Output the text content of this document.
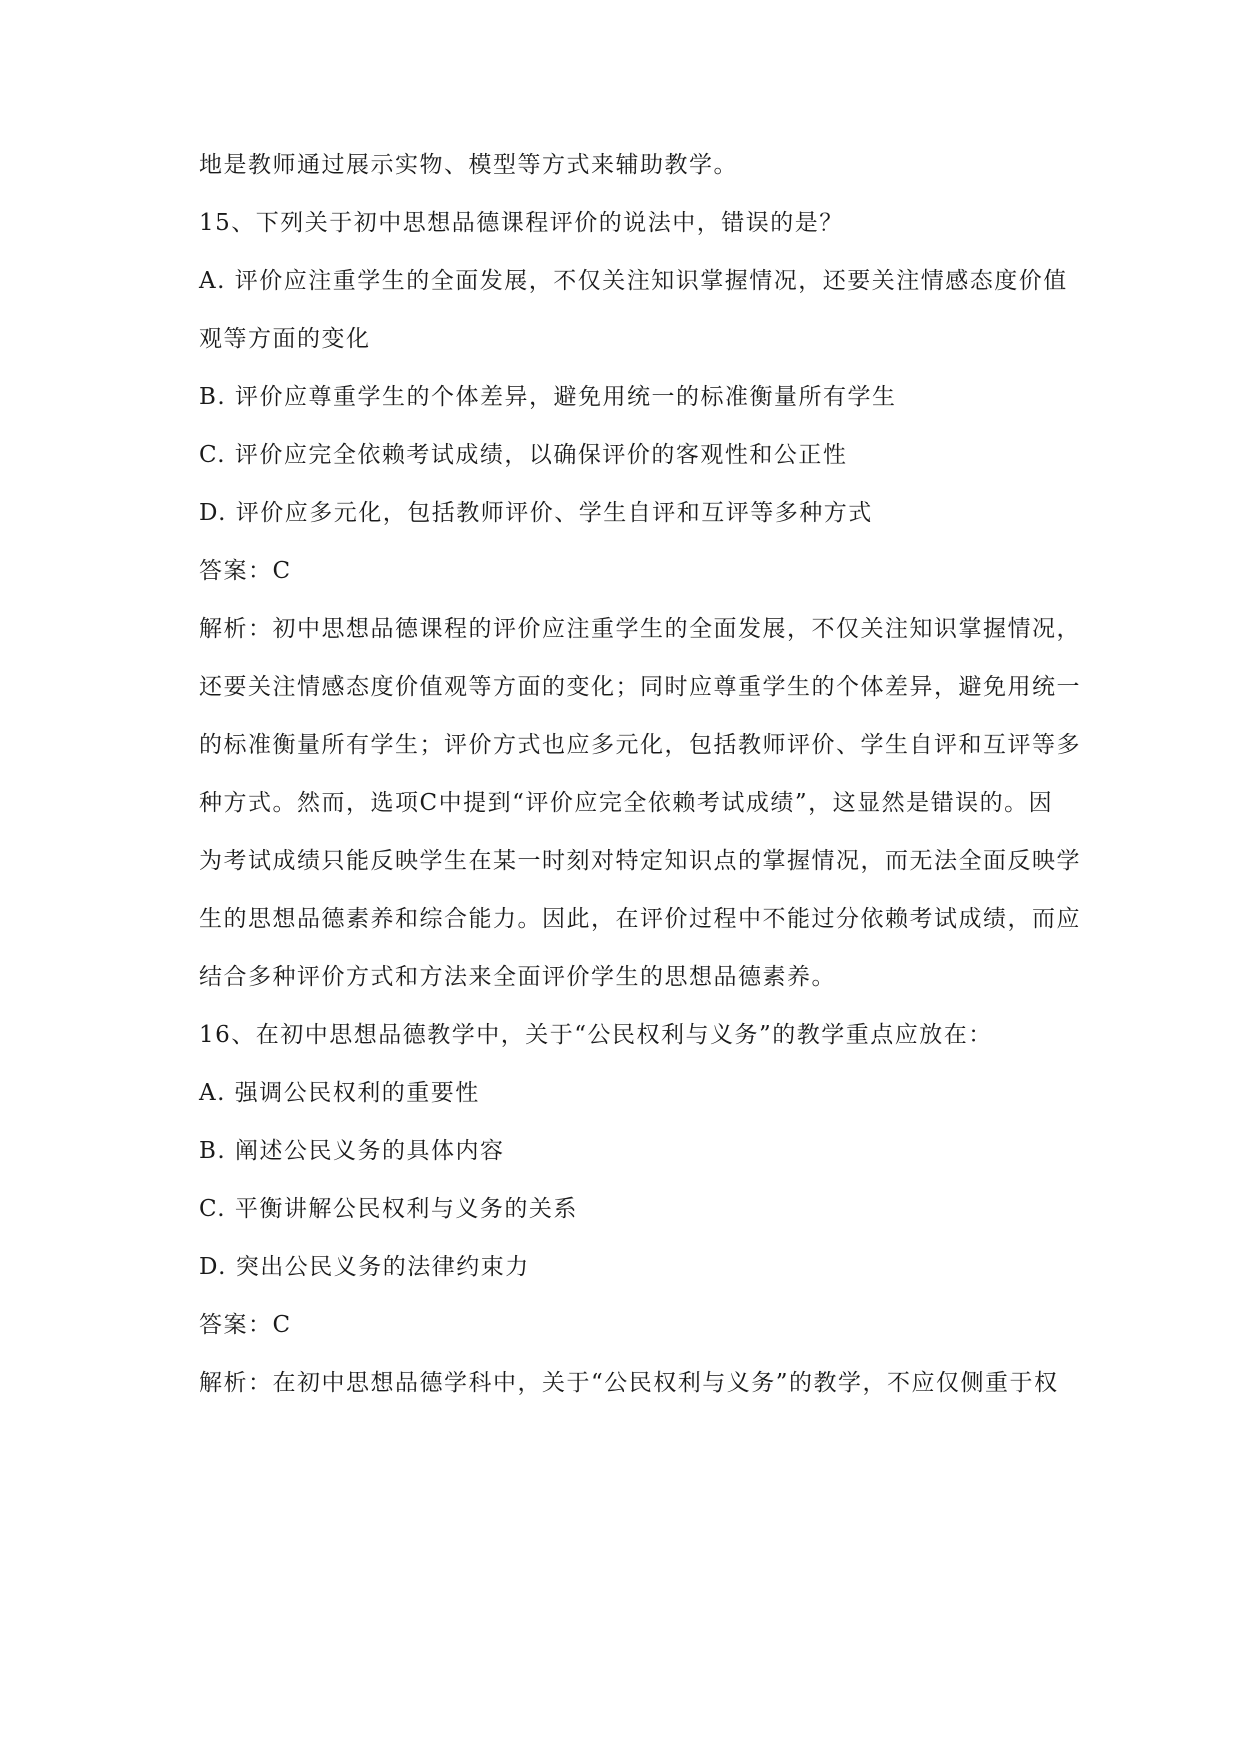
地是教师通过展示实物、模型等方式来辅助教学。
15、下列关于初中思想品德课程评价的说法中，错误的是？
A. 评价应注重学生的全面发展，不仅关注知识掌握情况，还要关注情感态度价值
观等方面的变化
B. 评价应尊重学生的个体差异，避免用统一的标准衡量所有学生
C. 评价应完全依赖考试成绩，以确保评价的客观性和公正性
D. 评价应多元化，包括教师评价、学生自评和互评等多种方式
答案：C
解析：初中思想品德课程的评价应注重学生的全面发展，不仅关注知识掌握情况，
还要关注情感态度价值观等方面的变化；同时应尊重学生的个体差异，避免用统一
的标准衡量所有学生；评价方式也应多元化，包括教师评价、学生自评和互评等多
种方式。然而，选项C中提到“评价应完全依赖考试成绩”，这显然是错误的。因
为考试成绩只能反映学生在某一时刻对特定知识点的掌握情况，而无法全面反映学
生的思想品德素养和综合能力。因此，在评价过程中不能过分依赖考试成绩，而应
结合多种评价方式和方法来全面评价学生的思想品德素养。
16、在初中思想品德教学中，关于“公民权利与义务”的教学重点应放在：
A. 强调公民权利的重要性
B. 阐述公民义务的具体内容
C. 平衡讲解公民权利与义务的关系
D. 突出公民义务的法律约束力
答案：C
解析：在初中思想品德学科中，关于“公民权利与义务”的教学，不应仅侧重于权
